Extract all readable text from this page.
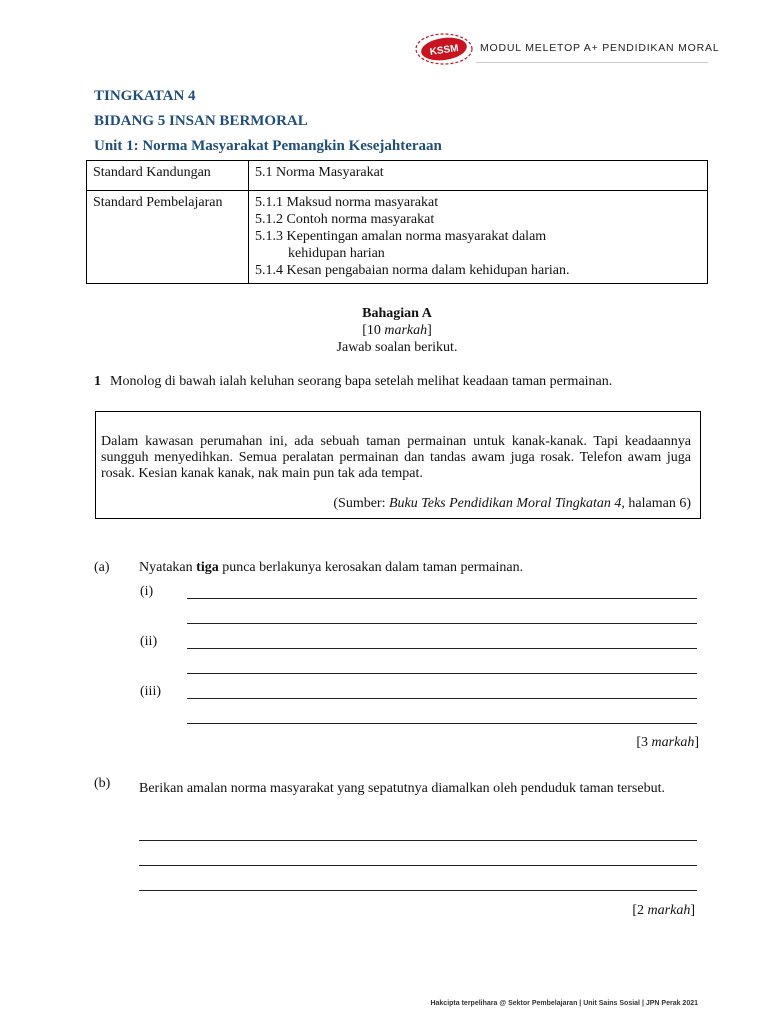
KSSM MODUL MELETOP A+ PENDIDIKAN MORAL
TINGKATAN 4
BIDANG 5 INSAN BERMORAL
Unit 1: Norma Masyarakat Pemangkin Kesejahteraan
Standard Kandungan	5.1 Norma Masyarakat

Standard Pembelajaran	5.1.1 Maksud norma masyarakat
5.1.2 Contoh norma masyarakat
5.1.3 Kepentingan amalan norma masyarakat dalam
kehidupan harian
5.1.4 Kesan pengabaian norma dalam kehidupan harian.
Bahagian A
[10 markah]
Jawab soalan berikut.
1 Monolog di bawah ialah keluhan seorang bapa setelah melihat keadaan taman permainan.
Dalam kawasan perumahan ini, ada sebuah taman permainan untuk kanak-kanak. Tapi keadaannya sungguh menyedihkan. Semua peralatan permainan dan tandas awam juga rosak. Telefon awam juga rosak. Kesian kanak kanak, nak main pun tak ada tempat.
(Sumber: Buku Teks Pendidikan Moral Tingkatan 4, halaman 6)
(a) Nyatakan tiga punca berlakunya kerosakan dalam taman permainan.
(i)
(ii)
(iii)
[3 markah]
(b) Berikan amalan norma masyarakat yang sepatutnya diamalkan oleh penduduk taman tersebut.
[2 markah]
Hakcipta terpelihara @ Sektor Pembelajaran | Unit Sains Sosial | JPN Perak 2021
